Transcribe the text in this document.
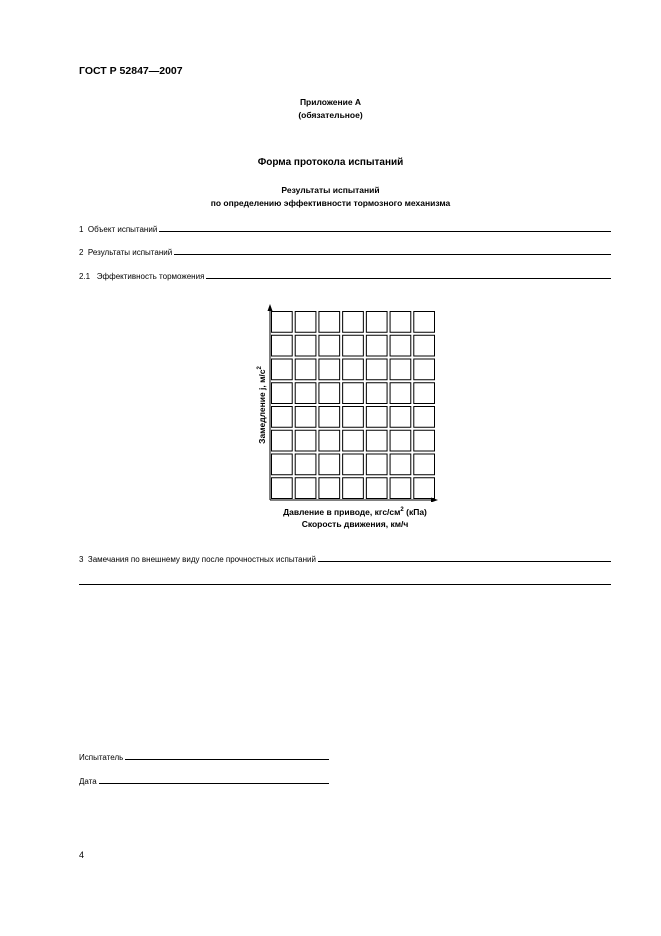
ГОСТ Р 52847—2007
Приложение А
(обязательное)
Форма протокола испытаний
Результаты испытаний
по определению эффективности тормозного механизма
1  Объект испытаний
2  Результаты испытаний
2.1   Эффективность торможения
Замедление j, $м/с^2$
Давление в приводе, кгс/$см^2$ (кПа)
Скорость движения, км/ч
3  Замечания по внешнему виду после прочностных испытаний
Испытатель
Дата
4
